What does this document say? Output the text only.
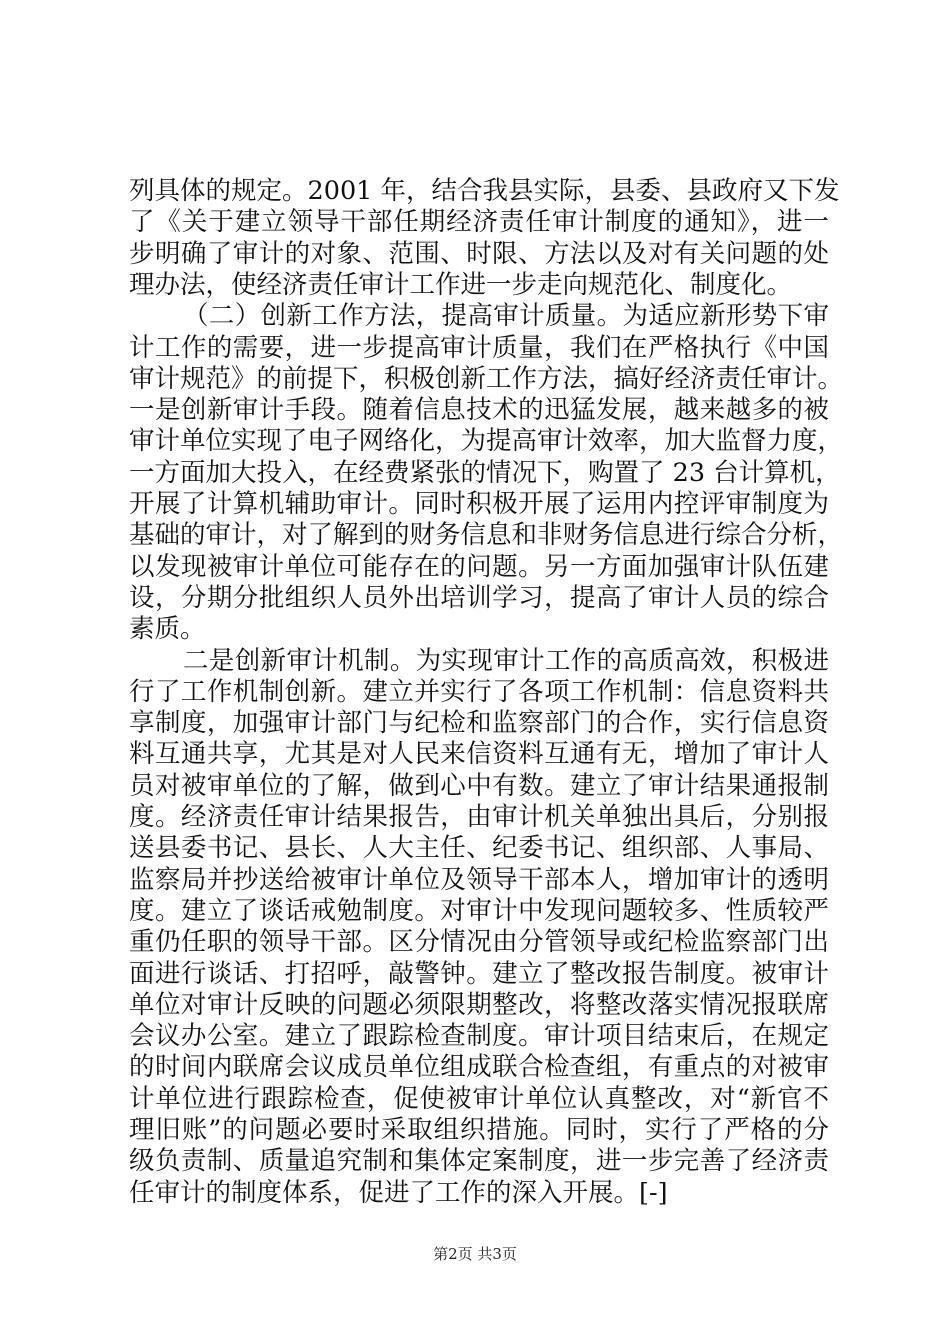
列具体的规定。2001 年，结合我县实际，县委、县政府又下发
了《关于建立领导干部任期经济责任审计制度的通知》，进一
步明确了审计的对象、范围、时限、方法以及对有关问题的处
理办法，使经济责任审计工作进一步走向规范化、制度化。
（二）创新工作方法，提高审计质量。为适应新形势下审
计工作的需要，进一步提高审计质量，我们在严格执行《中国
审计规范》的前提下，积极创新工作方法，搞好经济责任审计。
一是创新审计手段。随着信息技术的迅猛发展，越来越多的被
审计单位实现了电子网络化，为提高审计效率，加大监督力度，
一方面加大投入，在经费紧张的情况下，购置了 23 台计算机，
开展了计算机辅助审计。同时积极开展了运用内控评审制度为
基础的审计，对了解到的财务信息和非财务信息进行综合分析，
以发现被审计单位可能存在的问题。另一方面加强审计队伍建
设，分期分批组织人员外出培训学习，提高了审计人员的综合
素质。
二是创新审计机制。为实现审计工作的高质高效，积极进
行了工作机制创新。建立并实行了各项工作机制：信息资料共
享制度，加强审计部门与纪检和监察部门的合作，实行信息资
料互通共享，尤其是对人民来信资料互通有无，增加了审计人
员对被审单位的了解，做到心中有数。建立了审计结果通报制
度。经济责任审计结果报告，由审计机关单独出具后，分别报
送县委书记、县长、人大主任、纪委书记、组织部、人事局、
监察局并抄送给被审计单位及领导干部本人，增加审计的透明
度。建立了谈话戒勉制度。对审计中发现问题较多、性质较严
重仍任职的领导干部。区分情况由分管领导或纪检监察部门出
面进行谈话、打招呼，敲警钟。建立了整改报告制度。被审计
单位对审计反映的问题必须限期整改，将整改落实情况报联席
会议办公室。建立了跟踪检查制度。审计项目结束后，在规定
的时间内联席会议成员单位组成联合检查组，有重点的对被审
计单位进行跟踪检查，促使被审计单位认真整改，对“新官不
理旧账”的问题必要时采取组织措施。同时，实行了严格的分
级负责制、质量追究制和集体定案制度，进一步完善了经济责
任审计的制度体系，促进了工作的深入开展。[-]
第2页 共3页
